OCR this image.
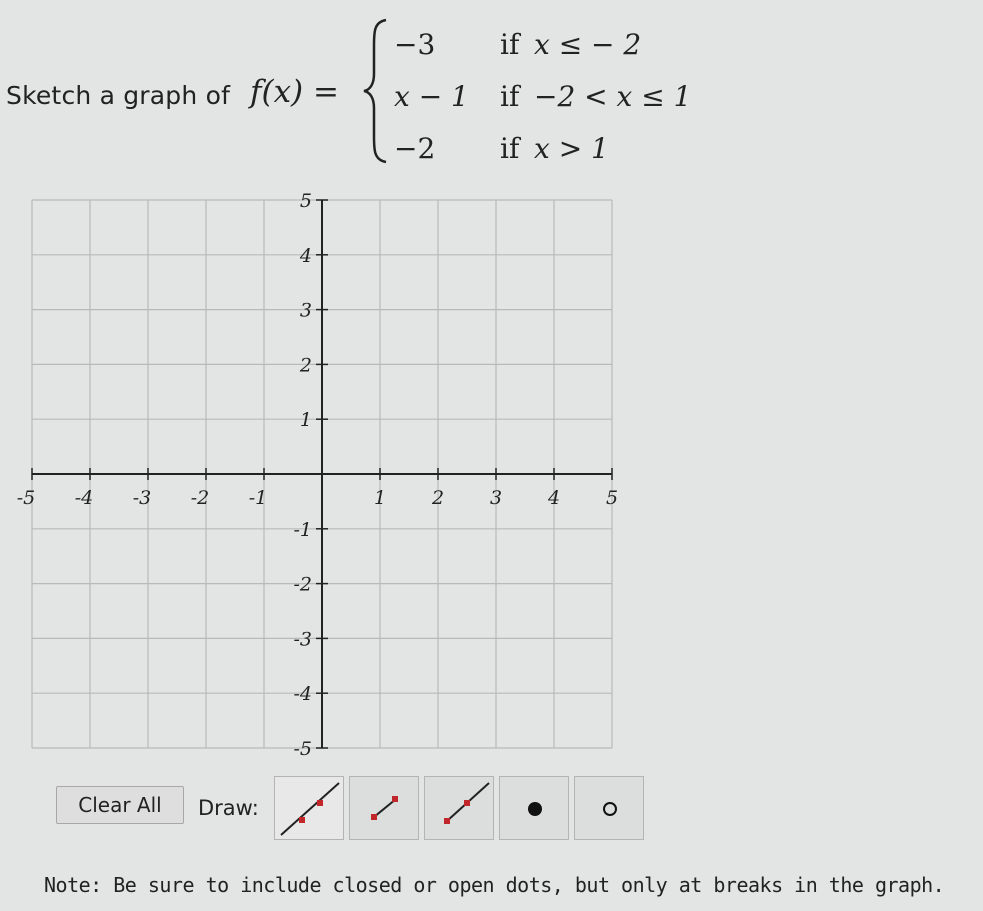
Sketch a graph of f(x) =
−3 if x ≤ − 2
x − 1 if −2 < x ≤ 1
−2 if x > 1
-5 -4 -3 -2 -1	1 2 3 4 5
5
4
3
2
1
-1
-2
-3
-4
-5
Clear All	Draw:
Note: Be sure to include closed or open dots, but only at breaks in the graph.
